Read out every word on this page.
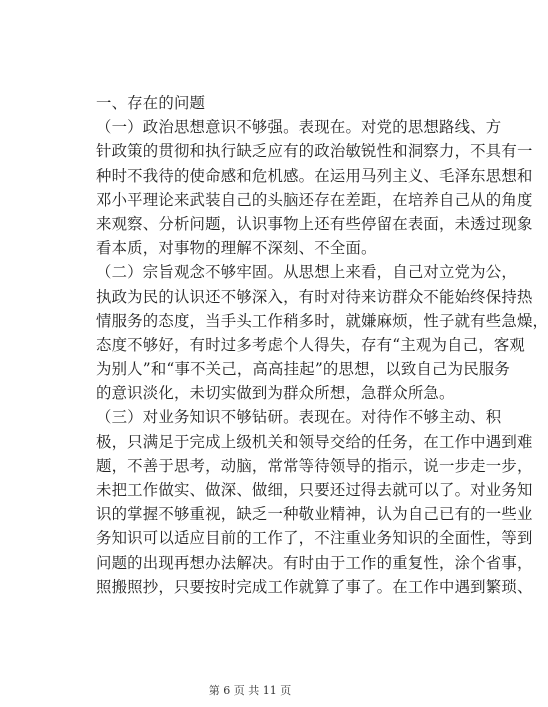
一、存在的问题
（一）政治思想意识不够强。表现在。对党的思想路线、方
针政策的贯彻和执行缺乏应有的政治敏锐性和洞察力，不具有一
种时不我待的使命感和危机感。在运用马列主义、毛泽东思想和
邓小平理论来武装自己的头脑还存在差距，在培养自己从的角度
来观察、分析问题，认识事物上还有些停留在表面，未透过现象
看本质，对事物的理解不深刻、不全面。
（二）宗旨观念不够牢固。从思想上来看，自己对立党为公，
执政为民的认识还不够深入，有时对待来访群众不能始终保持热
情服务的态度，当手头工作稍多时，就嫌麻烦，性子就有些急燥，
态度不够好，有时过多考虑个人得失，存有“主观为自己，客观
为别人”和“事不关己，高高挂起”的思想，以致自己为民服务
的意识淡化，未切实做到为群众所想，急群众所急。
（三）对业务知识不够钻研。表现在。对待作不够主动、积
极，只满足于完成上级机关和领导交给的任务，在工作中遇到难
题，不善于思考，动脑，常常等待领导的指示，说一步走一步，
未把工作做实、做深、做细，只要还过得去就可以了。对业务知
识的掌握不够重视，缺乏一种敬业精神，认为自己已有的一些业
务知识可以适应目前的工作了，不注重业务知识的全面性，等到
问题的出现再想办法解决。有时由于工作的重复性，涂个省事，
照搬照抄，只要按时完成工作就算了事了。在工作中遇到繁琐、
第 6 页 共 11 页
